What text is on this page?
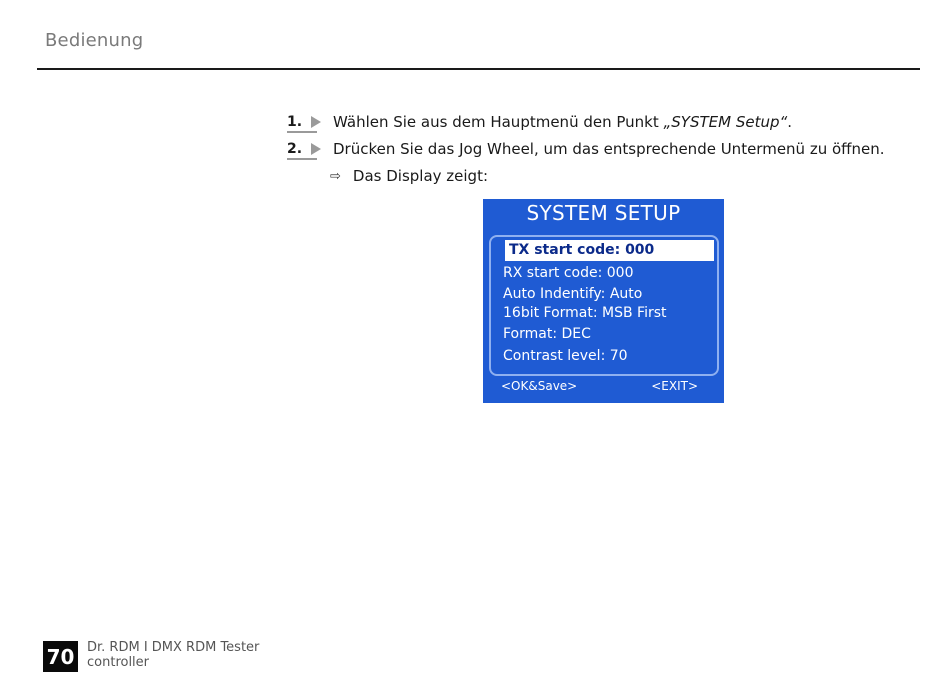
Bedienung
1.	Wählen Sie aus dem Hauptmenü den Punkt „SYSTEM Setup“.
2.	Drücken Sie das Jog Wheel, um das entsprechende Untermenü zu öffnen.
⇨ Das Display zeigt:
SYSTEM SETUP
TX start code: 000
RX start code: 000
Auto Indentify: Auto
16bit Format: MSB First
Format: DEC
Contrast level: 70
<OK&Save>	<EXIT>
70 Dr. RDM I DMX RDM Tester
controller
